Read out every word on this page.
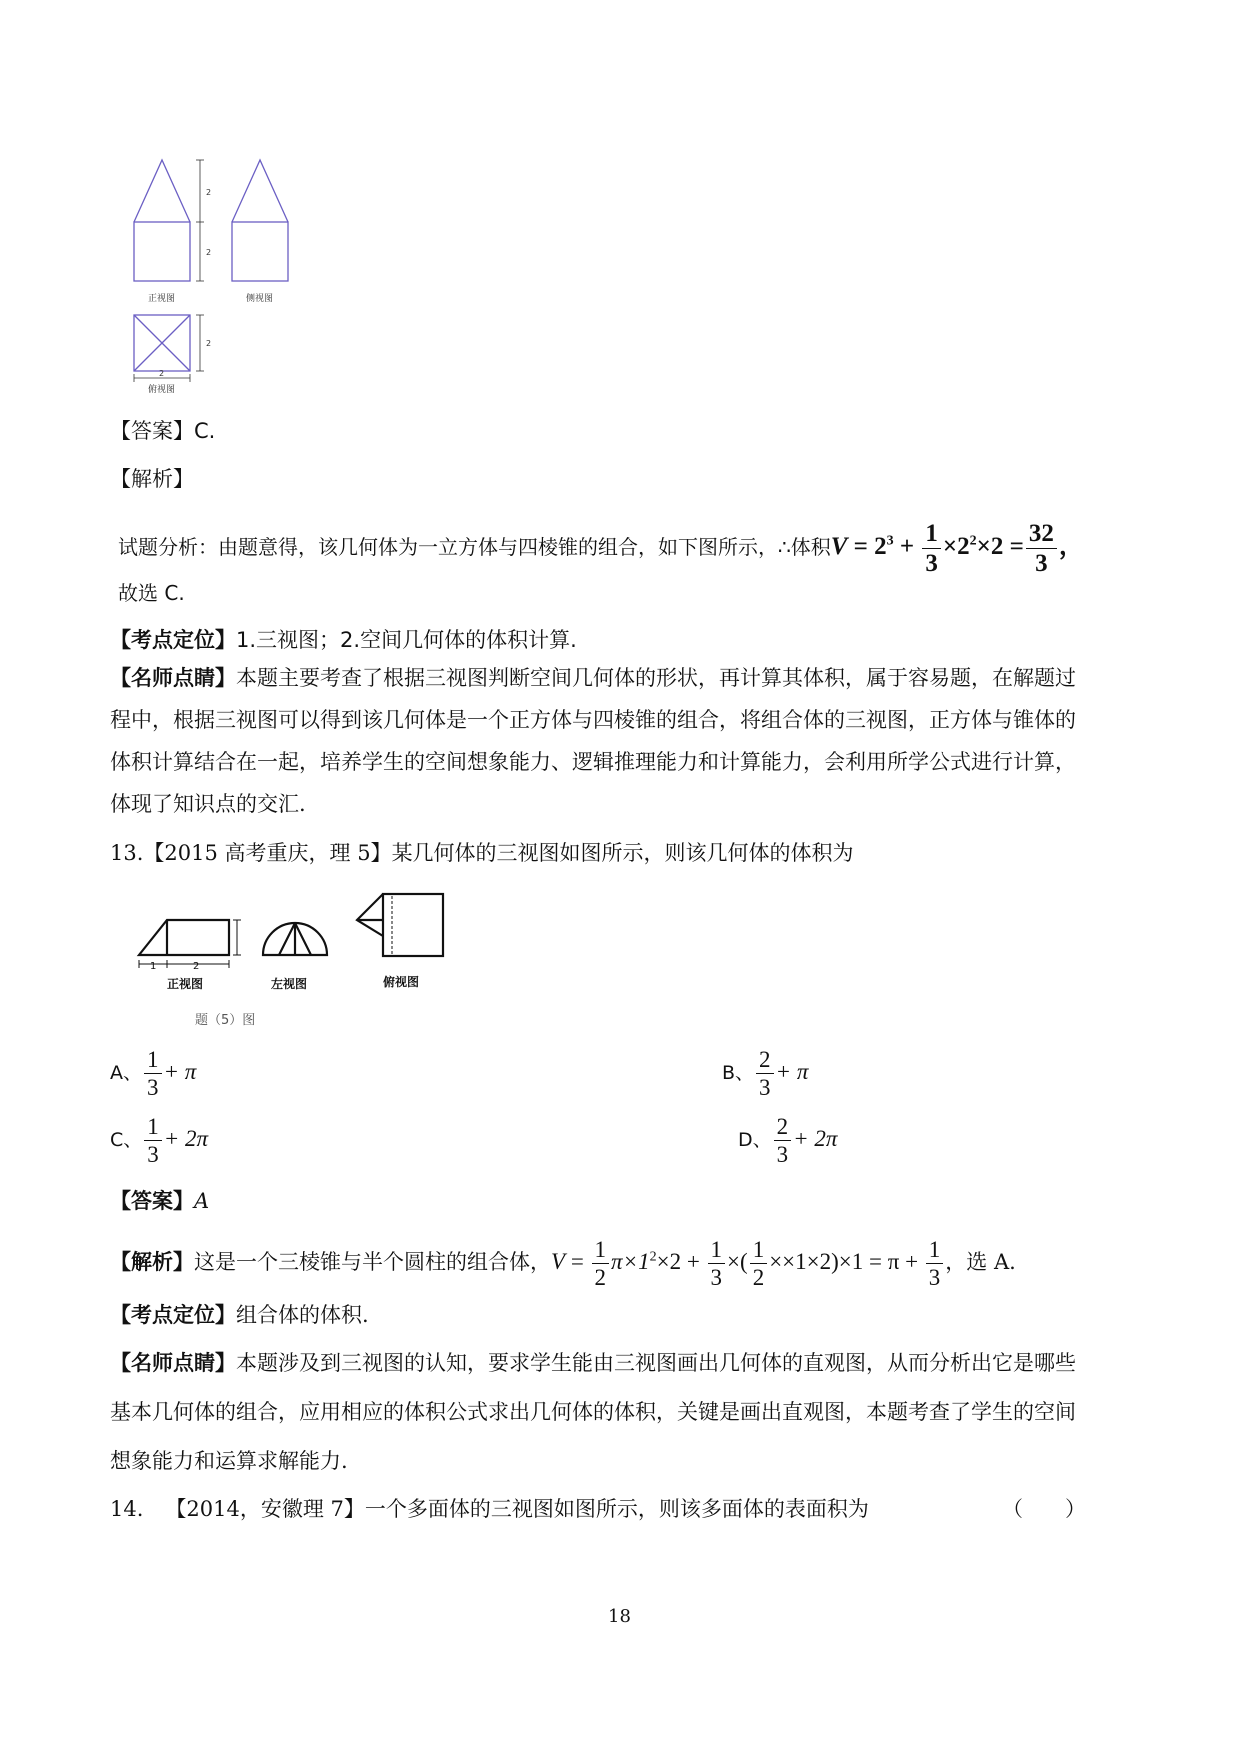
2
2
2
2
正视图	侧视图
俯视图
【答案】C.
【解析】
试题分析：由题意得，该几何体为一立方体与四棱锥的组合，如下图所示，∴体积$V = 2^3 + \frac{1}{3} \times 2^2\times 2 = \frac{32}{3}$ ，
故选 C.
【考点定位】1.三视图；2.空间几何体的体积计算.
【名师点睛】本题主要考查了根据三视图判断空间几何体的形状，再计算其体积，属于容易题，在解题过
程中，根据三视图可以得到该几何体是一个正方体与四棱锥的组合，将组合体的三视图，正方体与锥体的
体积计算结合在一起，培养学生的空间想象能力、逻辑推理能力和计算能力，会利用所学公式进行计算，
体现了知识点的交汇.
13.【2015 高考重庆，理 5】某几何体的三视图如图所示，则该几何体的体积为
1	2
正视图	左视图	俯视图
题（5）图
A、 $\frac{1}{3} + \pi$	B、 $\frac{2}{3} + \pi$
C、 $\frac{1}{3} + 2\pi$	D、 $\frac{2}{3} + 2\pi$
【答案】A
【解析】这是一个三棱锥与半个圆柱的组合体，$V = \frac{1}{2} \pi\times 1^2\times 2 + \frac{1}{3}$ ×( $\frac{1}{2} \times\times 1\times 2)\times 1 = \pi + \frac{1}{3}$ ，选 A.
【考点定位】组合体的体积.
【名师点睛】本题涉及到三视图的认知，要求学生能由三视图画出几何体的直观图，从而分析出它是哪些
基本几何体的组合，应用相应的体积公式求出几何体的体积，关键是画出直观图，本题考查了学生的空间
想象能力和运算求解能力.
14. 【2014，安徽理 7】一个多面体的三视图如图所示，则该多面体的表面积为	（　　）
18
